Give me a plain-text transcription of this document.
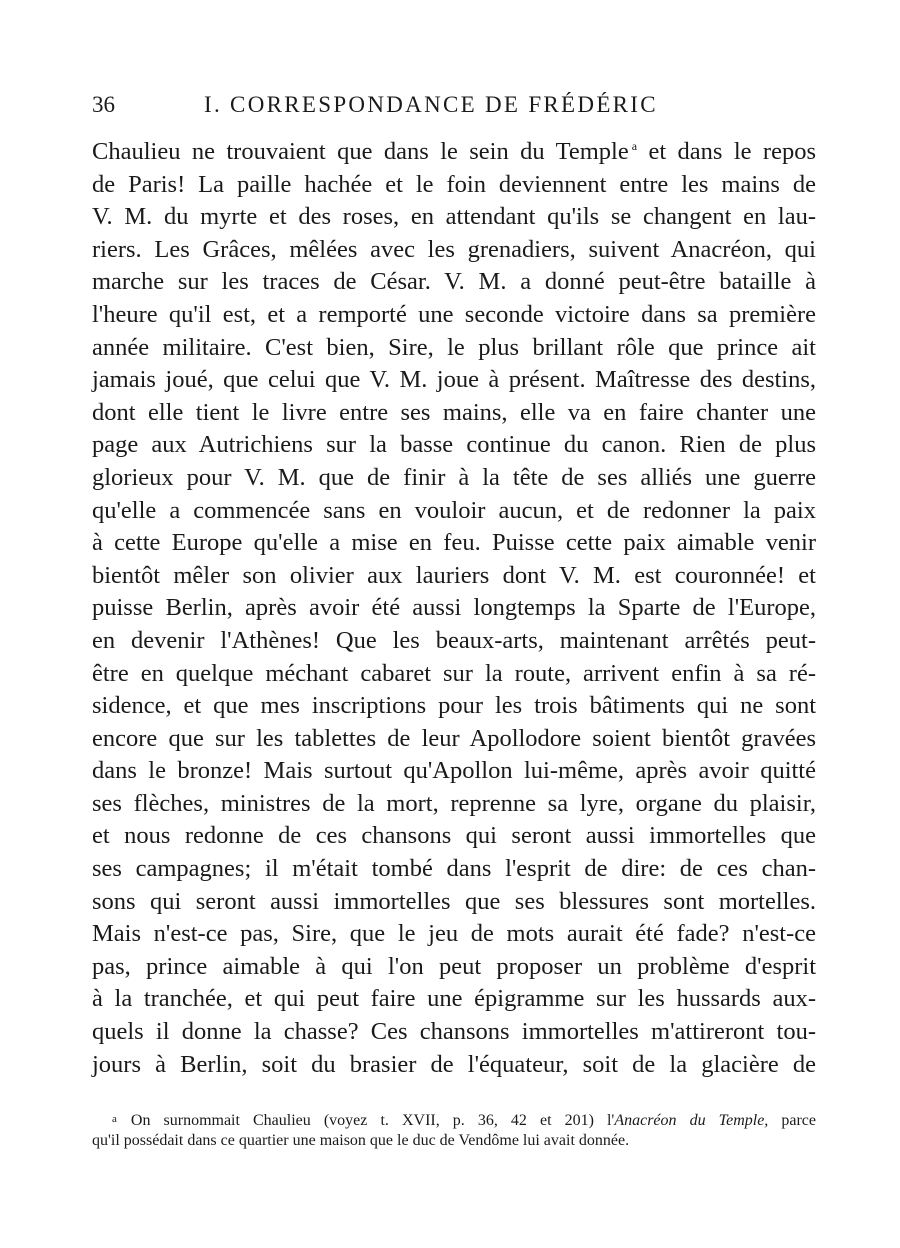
36	I. CORRESPONDANCE DE FRÉDÉRIC
Chaulieu ne trouvaient que dans le sein du Temple $^a$ et dans le repos
de Paris! La paille hachée et le foin deviennent entre les mains de
V. M. du myrte et des roses, en attendant qu'ils se changent en lau-
riers. Les Grâces, mêlées avec les grenadiers, suivent Anacréon, qui
marche sur les traces de César. V. M. a donné peut-être bataille à
l'heure qu'il est, et a remporté une seconde victoire dans sa première
année militaire. C'est bien, Sire, le plus brillant rôle que prince ait
jamais joué, que celui que V. M. joue à présent. Maîtresse des destins,
dont elle tient le livre entre ses mains, elle va en faire chanter une
page aux Autrichiens sur la basse continue du canon. Rien de plus
glorieux pour V. M. que de finir à la tête de ses alliés une guerre
qu'elle a commencée sans en vouloir aucun, et de redonner la paix
à cette Europe qu'elle a mise en feu. Puisse cette paix aimable venir
bientôt mêler son olivier aux lauriers dont V. M. est couronnée! et
puisse Berlin, après avoir été aussi longtemps la Sparte de l'Europe,
en devenir l'Athènes! Que les beaux-arts, maintenant arrêtés peut-
être en quelque méchant cabaret sur la route, arrivent enfin à sa ré-
sidence, et que mes inscriptions pour les trois bâtiments qui ne sont
encore que sur les tablettes de leur Apollodore soient bientôt gravées
dans le bronze! Mais surtout qu'Apollon lui-même, après avoir quitté
ses flèches, ministres de la mort, reprenne sa lyre, organe du plaisir,
et nous redonne de ces chansons qui seront aussi immortelles que
ses campagnes; il m'était tombé dans l'esprit de dire: de ces chan-
sons qui seront aussi immortelles que ses blessures sont mortelles.
Mais n'est-ce pas, Sire, que le jeu de mots aurait été fade? n'est-ce
pas, prince aimable à qui l'on peut proposer un problème d'esprit
à la tranchée, et qui peut faire une épigramme sur les hussards aux-
quels il donne la chasse? Ces chansons immortelles m'attireront tou-
jours à Berlin, soit du brasier de l'équateur, soit de la glacière de
a On surnommait Chaulieu (voyez t. XVII, p. 36, 42 et 201) l'Anacréon du Temple, parce
qu'il possédait dans ce quartier une maison que le duc de Vendôme lui avait donnée.
